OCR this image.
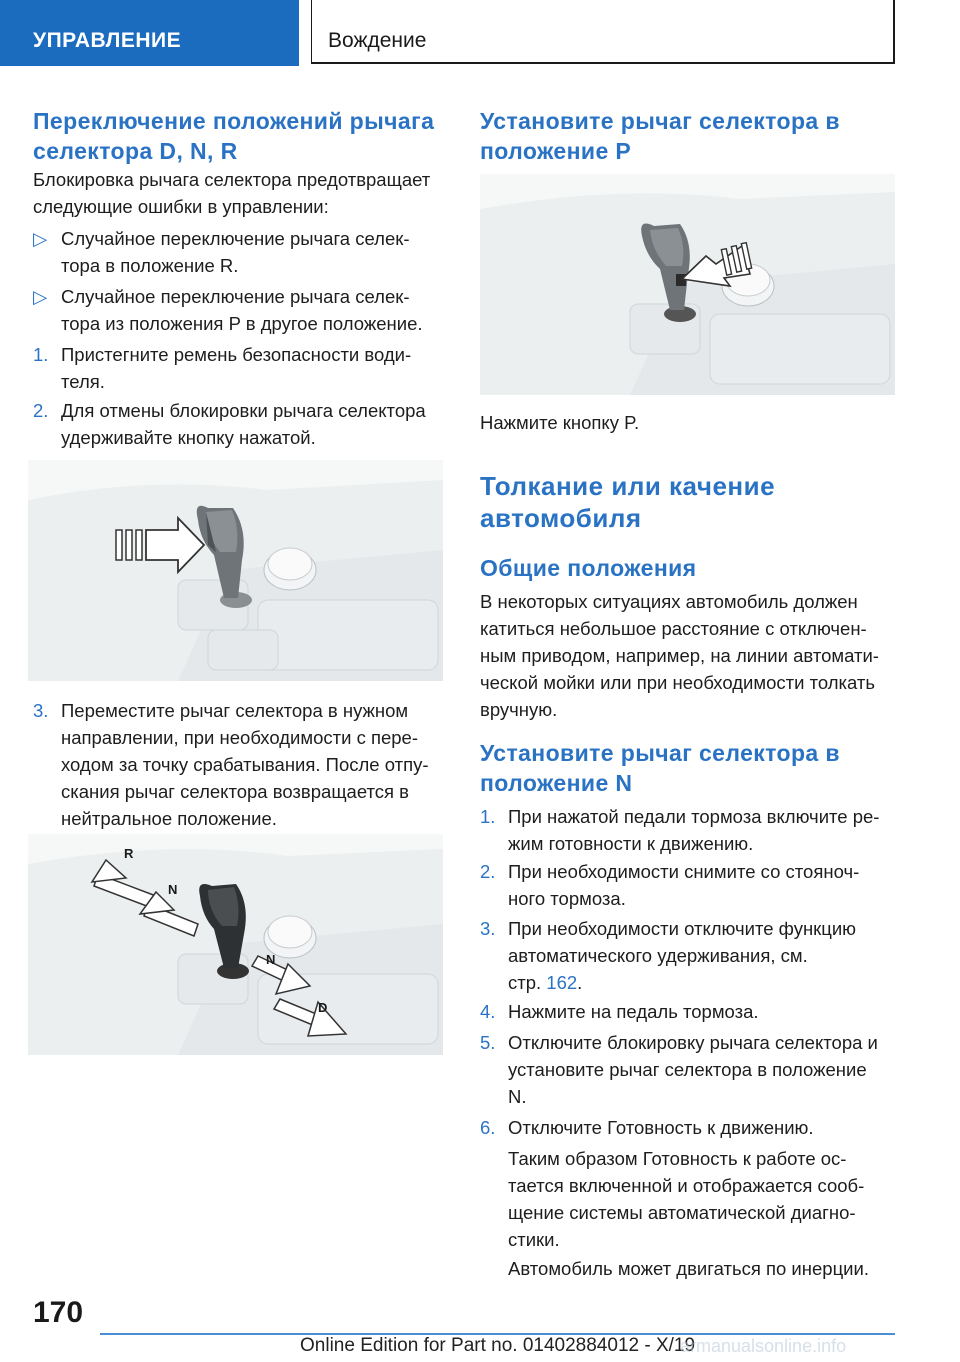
УПРАВЛЕНИЕ	Вождение
Переключение положений рычага
селектора D, N, R

Блокировка рычага селектора предотвращает
следующие ошибки в управлении:

▷ Случайное переключение рычага селек-
тора в положение R.
▷ Случайное переключение рычага селек-
тора из положения P в другое положение.
1. Пристегните ремень безопасности води-
теля.
2. Для отмены блокировки рычага селектора
удерживайте кнопку нажатой.
3. Переместите рычаг селектора в нужном
направлении, при необходимости с пере-
ходом за точку срабатывания. После отпу-
скания рычаг селектора возвращается в
нейтральное положение.
R
N
N
D
Установите рычаг селектора в
положение P

Нажмите кнопку P.

Толкание или качение
автомобиля
Общие положения

В некоторых ситуациях автомобиль должен
катиться небольшое расстояние с отключен-
ным приводом, например, на линии автомати-
ческой мойки или при необходимости толкать
вручную.

Установите рычаг селектора в
положение N
1. При нажатой педали тормоза включите ре-
жим готовности к движению.
2. При необходимости снимите со стояноч-
ного тормоза.
3. При необходимости отключите функцию
автоматического удерживания, см.
стр. 162.
4. Нажмите на педаль тормоза.
5. Отключите блокировку рычага селектора и
установите рычаг селектора в положение
N.
6. Отключите Готовность к движению.

Таким образом Готовность к работе ос-
тается включенной и отображается сооб-
щение системы автоматической диагно-
стики.

Автомобиль может двигаться по инерции.

170
Online Edition for Part no. 01402884012 - X/19
armanualsonline.info
